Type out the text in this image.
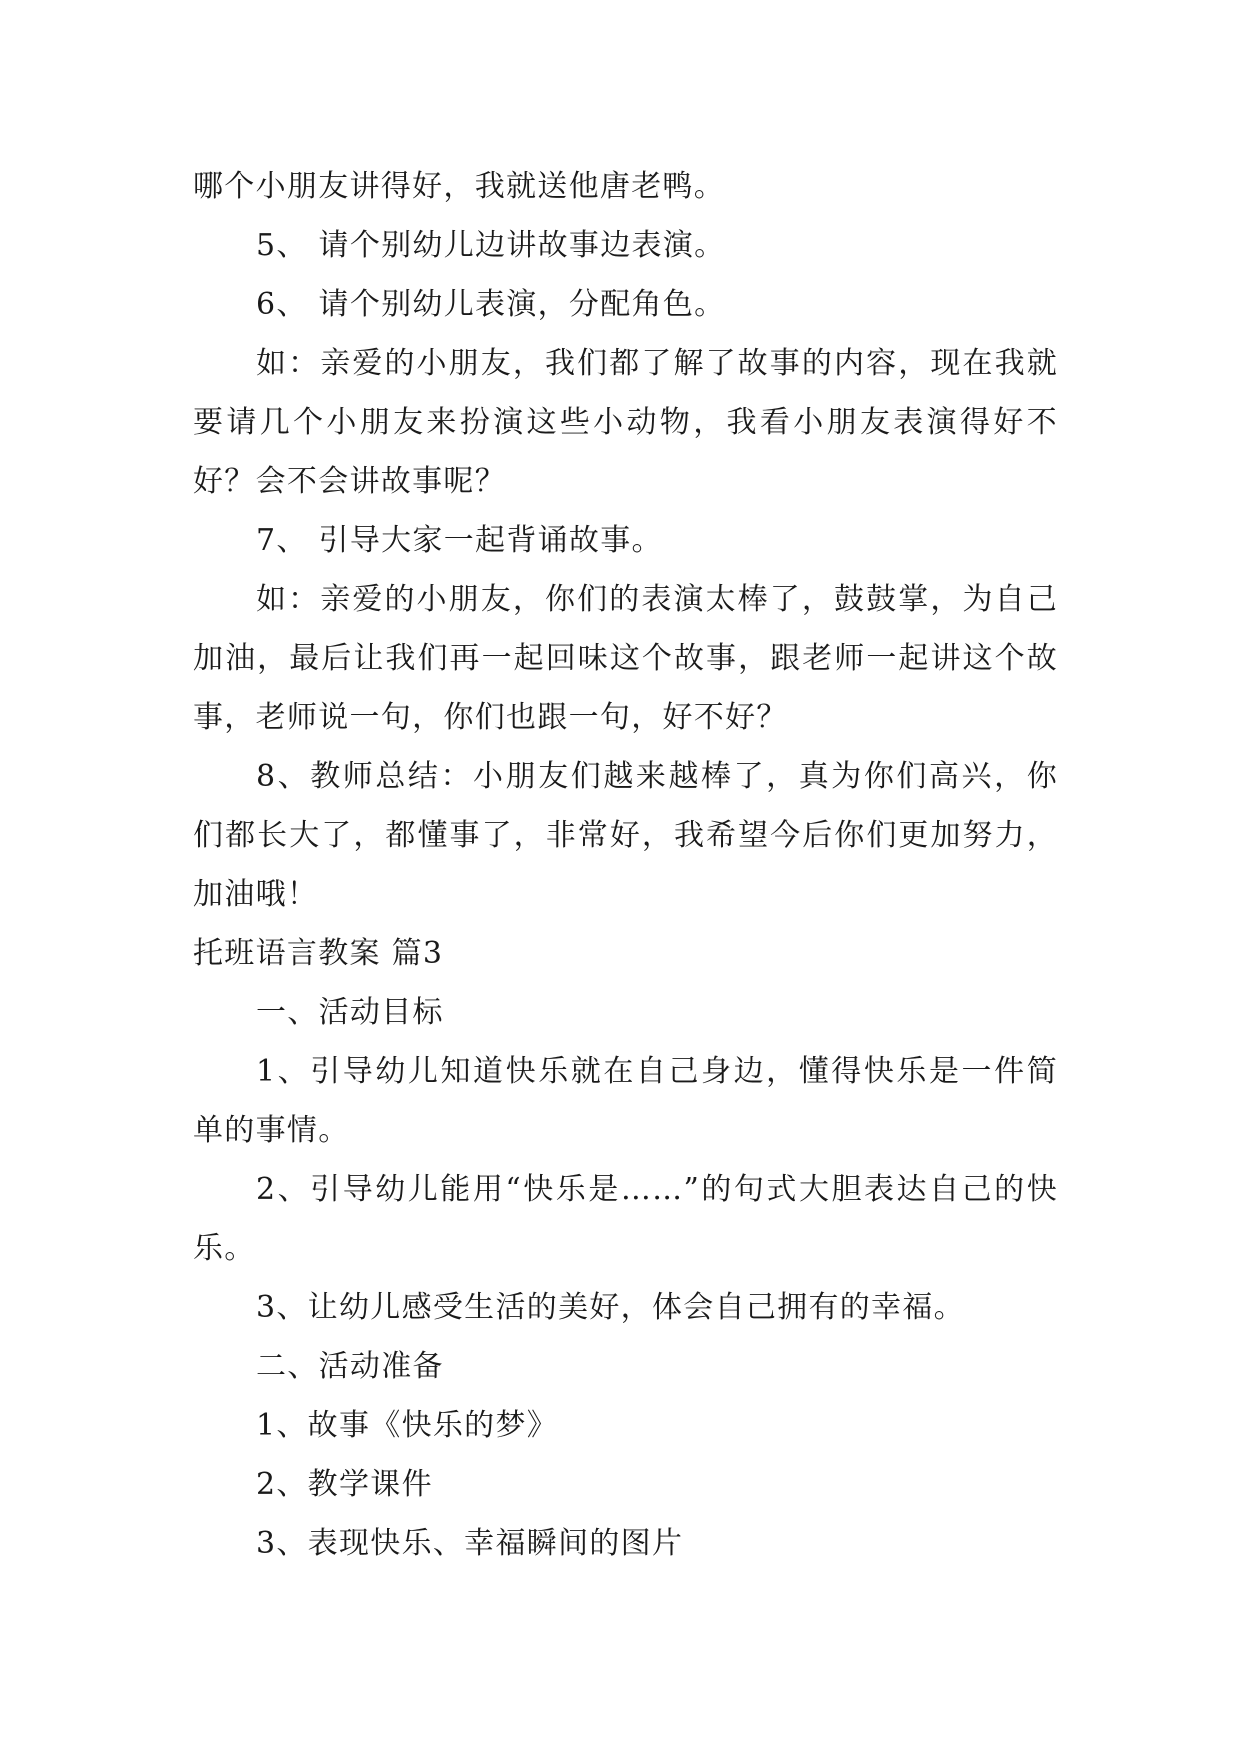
哪个小朋友讲得好，我就送他唐老鸭。

5、 请个别幼儿边讲故事边表演。

6、 请个别幼儿表演，分配角色。

如：亲爱的小朋友，我们都了解了故事的内容，现在我就要请几个小朋友来扮演这些小动物，我看小朋友表演得好不好？会不会讲故事呢？

7、 引导大家一起背诵故事。

如：亲爱的小朋友，你们的表演太棒了，鼓鼓掌，为自己加油，最后让我们再一起回味这个故事，跟老师一起讲这个故事，老师说一句，你们也跟一句，好不好？

8、教师总结：小朋友们越来越棒了，真为你们高兴，你们都长大了，都懂事了，非常好，我希望今后你们更加努力，加油哦！

托班语言教案 篇3

一、活动目标

1、引导幼儿知道快乐就在自己身边，懂得快乐是一件简单的事情。

2、引导幼儿能用“快乐是……”的句式大胆表达自己的快乐。

3、让幼儿感受生活的美好，体会自己拥有的幸福。

二、活动准备

1、故事《快乐的梦》

2、教学课件

3、表现快乐、幸福瞬间的图片
